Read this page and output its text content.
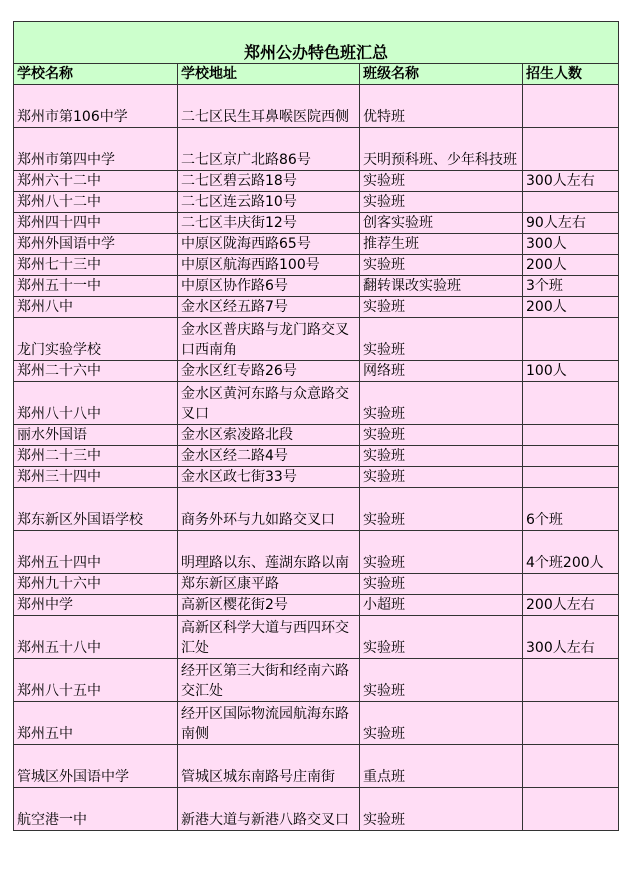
郑州公办特色班汇总			
学校名称	学校地址	班级名称	招生人数
郑州市第106中学	二七区民生耳鼻喉医院西侧	优特班	
郑州市第四中学	二七区京广北路86号	天明预科班、少年科技班	
郑州六十二中	二七区碧云路18号	实验班	300人左右
郑州八十二中	二七区连云路10号	实验班	
郑州四十四中	二七区丰庆街12号	创客实验班	90人左右
郑州外国语中学	中原区陇海西路65号	推荐生班	300人
郑州七十三中	中原区航海西路100号	实验班	200人
郑州五十一中	中原区协作路6号	翻转课改实验班	3个班
郑州八中	金水区经五路7号	实验班	200人
龙门实验学校	金水区普庆路与龙门路交叉口西南角	实验班	
郑州二十六中	金水区红专路26号	网络班	100人
郑州八十八中	金水区黄河东路与众意路交叉口	实验班	
丽水外国语	金水区索凌路北段	实验班	
郑州二十三中	金水区经二路4号	实验班	
郑州三十四中	金水区政七街33号	实验班	
郑东新区外国语学校	商务外环与九如路交叉口	实验班	6个班
郑州五十四中	明理路以东、莲湖东路以南	实验班	4个班200人
郑州九十六中	郑东新区康平路	实验班	
郑州中学	高新区樱花街2号	小超班	200人左右
郑州五十八中	高新区科学大道与西四环交汇处	实验班	300人左右
郑州八十五中	经开区第三大街和经南六路交汇处	实验班	
郑州五中	经开区国际物流园航海东路南侧	实验班	
管城区外国语中学	管城区城东南路号庄南街	重点班	
航空港一中	新港大道与新港八路交叉口	实验班	
